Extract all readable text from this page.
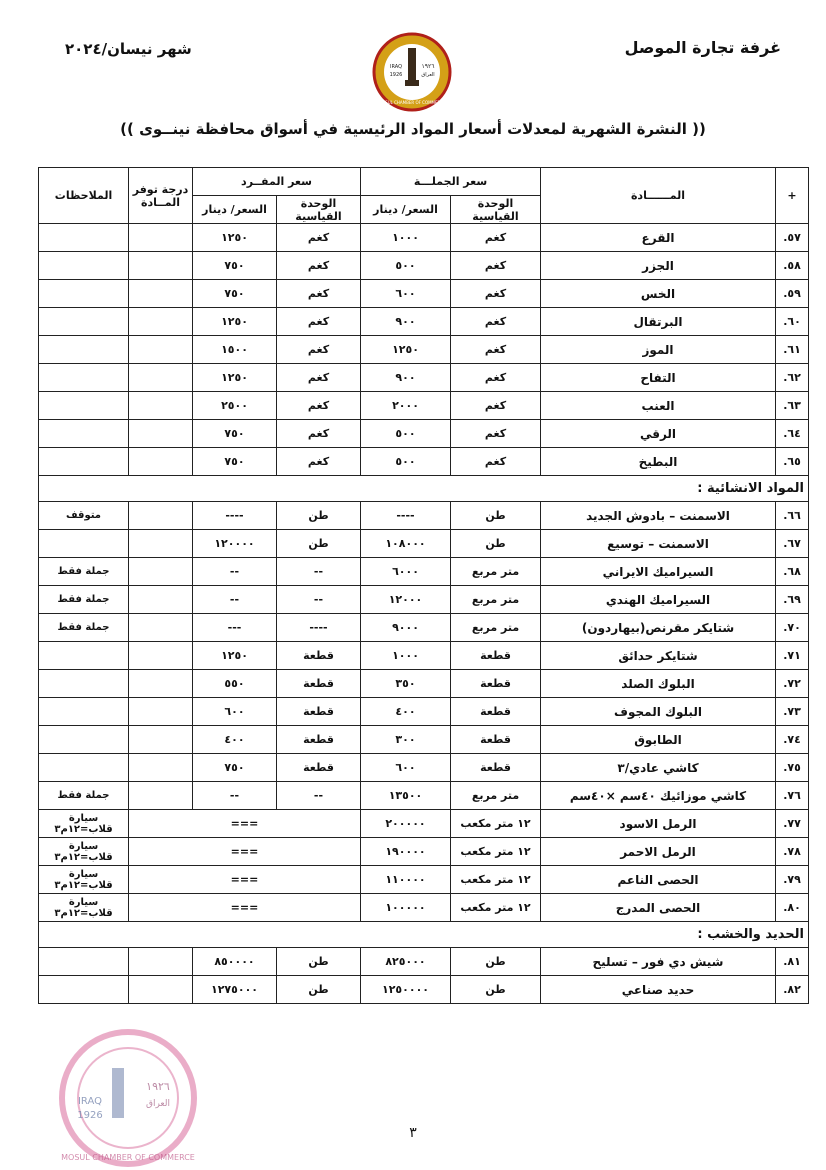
غرفة تجارة الموصل
شهر نيسان/٢٠٢٤
١٩٢٦
العراق
IRAQ
1926
MOSUL CHAMBER OF COMMERCE
(( النشرة الشهرية لمعدلات أسعار المواد الرئيسية في أسواق محافظة نينــوى ))
+	المــــــادة	سعر الجملـــة		سعر المفــرد		درجة توفر المــادة	الملاحظات
		الوحدة القياسية	السعر/ دينار	الوحدة القياسية	السعر/ دينار		
.٥٧	القرع	كغم	١٠٠٠	كغم	١٢٥٠		
.٥٨	الجزر	كغم	٥٠٠	كغم	٧٥٠		
.٥٩	الخس	كغم	٦٠٠	كغم	٧٥٠		
.٦٠	البرتقال	كغم	٩٠٠	كغم	١٢٥٠		
.٦١	الموز	كغم	١٢٥٠	كغم	١٥٠٠		
.٦٢	التفاح	كغم	٩٠٠	كغم	١٢٥٠		
.٦٣	العنب	كغم	٢٠٠٠	كغم	٢٥٠٠		
.٦٤	الرقي	كغم	٥٠٠	كغم	٧٥٠		
.٦٥	البطيخ	كغم	٥٠٠	كغم	٧٥٠		
المواد الانشائية :							
.٦٦	الاسمنت – بادوش الجديد	طن	----	طن	----		متوقف
.٦٧	الاسمنت – توسيع	طن	١٠٨٠٠٠	طن	١٢٠٠٠٠		
.٦٨	السيراميك الايراني	متر مربع	٦٠٠٠	--	--		جملة فقط
.٦٩	السيراميك الهندي	متر مربع	١٢٠٠٠	--	--		جملة فقط
.٧٠	شتايكر مقرنص(بيهاردون)	متر مربع	٩٠٠٠	----	---		جملة فقط
.٧١	شتايكر حدائق	قطعة	١٠٠٠	قطعة	١٢٥٠		
.٧٢	البلوك الصلد	قطعة	٣٥٠	قطعة	٥٥٠		
.٧٣	البلوك المجوف	قطعة	٤٠٠	قطعة	٦٠٠		
.٧٤	الطابوق	قطعة	٣٠٠	قطعة	٤٠٠		
.٧٥	كاشي عادي/٣	قطعة	٦٠٠	قطعة	٧٥٠		
.٧٦	كاشي موزائيك ٤٠سم ×٤٠سم	متر مربع	١٣٥٠٠	--	--		جملة فقط
.٧٧	الرمل الاسود	١٢ متر مكعب	٢٠٠٠٠٠	===			سيارة قلاب=١٢م٣
.٧٨	الرمل الاحمر	١٢ متر مكعب	١٩٠٠٠٠	===			سيارة قلاب=١٢م٣
.٧٩	الحصى الناعم	١٢ متر مكعب	١١٠٠٠٠	===			سيارة قلاب=١٢م٣
.٨٠	الحصى المدرج	١٢ متر مكعب	١٠٠٠٠٠	===			سيارة قلاب=١٢م٣
الحديد والخشب :							
.٨١	شيش دي فور – تسليح	طن	٨٢٥٠٠٠	طن	٨٥٠٠٠٠		
.٨٢	حديد صناعي	طن	١٢٥٠٠٠٠	طن	١٢٧٥٠٠٠		
١٩٢٦
العراق
IRAQ
1926
MOSUL CHAMBER OF COMMERCE
٣
